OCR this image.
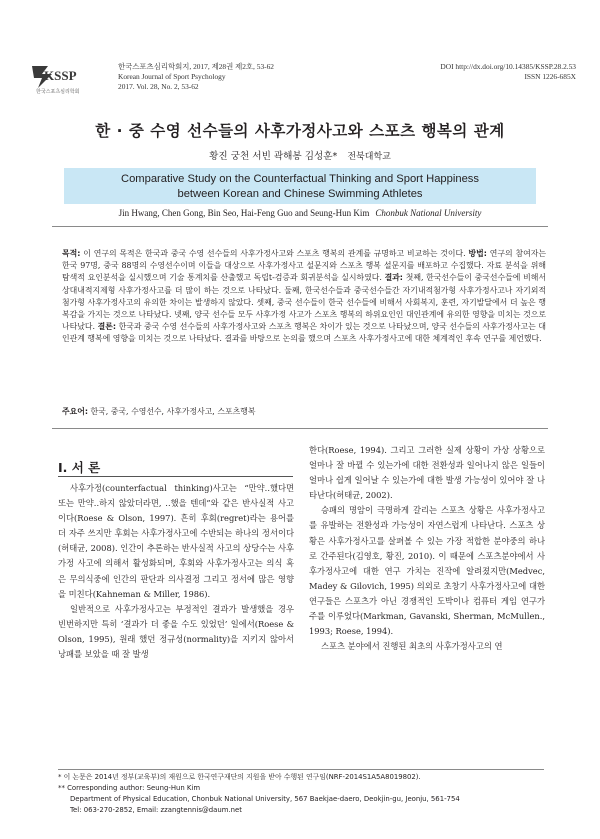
KSSP
한국스포츠심리학회
한국스포츠심리학회지, 2017, 제28권 제2호, 53-62
Korean Journal of Sport Psychology
2017. Vol. 28, No. 2, 53-62
DOI http://dx.doi.org/10.14385/KSSP.28.2.53
ISSN 1226-685X
한 · 중 수영 선수들의 사후가정사고와 스포츠 행복의 관계
황진 궁천 서빈 곽해봉 김성훈* 전북대학교
Comparative Study on the Counterfactual Thinking and Sport Happiness
between Korean and Chinese Swimming Athletes
Jin Hwang, Chen Gong, Bin Seo, Hai-Feng Guo and Seung-Hun Kim Chonbuk National University
목적: 이 연구의 목적은 한국과 중국 수영 선수들의 사후가정사고와 스포츠 행복의 관계를 규명하고 비교하는 것이다. 방법: 연구의 참여자는 한국 97명, 중국 88명의 수영선수이며 이들을 대상으로 사후가정사고 설문지와 스포츠 행복 설문지를 배포하고 수집했다. 자료 분석을 위해 탐색적 요인분석을 실시했으며 기술 통계치를 산출했고 독립t-검증과 회귀분석을 실시하였다. 결과: 첫째, 한국선수들이 중국선수들에 비해서 상대내적지제형 사후가정사고를 더 많이 하는 것으로 나타났다. 둘째, 한국선수들과 중국선수들간 자기내적첨가형 사후가정사고나 자기외적첨가형 사후가정사고의 유의한 차이는 발생하지 않았다. 셋째, 중국 선수들이 한국 선수들에 비해서 사회복지, 훈련, 자기발달에서 더 높은 행복감을 가지는 것으로 나타났다. 넷째, 양국 선수들 모두 사후가정 사고가 스포츠 행복의 하위요인인 대인관계에 유의한 영향을 미치는 것으로 나타났다. 결론: 한국과 중국 수영 선수들의 사후가정사고와 스포츠 행복은 차이가 있는 것으로 나타났으며, 양국 선수들의 사후가정사고는 대인관계 행복에 영향을 미치는 것으로 나타났다. 결과를 바탕으로 논의를 했으며 스포츠 사후가정사고에 대한 체계적인 후속 연구를 제언했다.
주요어: 한국, 중국, 수영선수, 사후가정사고, 스포츠행복
I. 서 론

사후가정(counterfactual thinking)사고는 “만약..했다면 또는 만약..하지 않았더라면, ..했을 텐데”와 같은 반사실적 사고이다(Roese & Olson, 1997). 흔히 후회(regret)라는 용어를 더 자주 쓰지만 후회는 사후가정사고에 수반되는 하나의 정서이다(허태균, 2008). 인간이 추론하는 반사실적 사고의 상당수는 사후가정 사고에 의해서 활성화되며, 후회와 사후가정사고는 의식 혹은 무의식중에 인간의 판단과 의사결정 그리고 정서에 많은 영향을 미친다(Kahneman & Miller, 1986).

일반적으로 사후가정사고는 부정적인 결과가 발생했을 경우 빈번하지만 특히 ‘결과가 더 좋을 수도 있었던’ 일에서(Roese & Olson, 1995), 원래 했던 정규성(normality)을 지키지 않아서 낭패를 보았을 때 잘 발생

한다(Roese, 1994). 그리고 그러한 실제 상황이 가상 상황으로 얼마나 잘 바뀔 수 있는가에 대한 전환성과 일어나지 않은 일들이 얼마나 쉽게 일어날 수 있는가에 대한 발생 가능성이 있어야 잘 나타난다(허태균, 2002).

승패의 명암이 극명하게 갈리는 스포츠 상황은 사후가정사고를 유발하는 전환성과 가능성이 자연스럽게 나타난다. 스포츠 상황은 사후가정사고를 살펴볼 수 있는 가장 적합한 분야중의 하나로 간주된다(김영호, 황진, 2010). 이 때문에 스포츠분야에서 사후가정사고에 대한 연구 가치는 진작에 알려졌지만(Medvec, Madey & Gilovich, 1995) 의외로 초창기 사후가정사고에 대한 연구들은 스포츠가 아닌 경쟁적인 도박이나 컴퓨터 게임 연구가 주를 이루었다(Markman, Gavanski, Sherman, McMullen., 1993; Roese, 1994).

스포츠 분야에서 진행된 최초의 사후가정사고의 연

* 이 논문은 2014년 정부(교육부)의 재원으로 한국연구재단의 지원을 받아 수행된 연구임(NRF-2014S1A5A8019802).
** Corresponding author: Seung-Hun Kim
Department of Physical Education, Chonbuk National University, 567 Baekjae-daero, Deokjin-gu, Jeonju, 561-754
Tel: 063-270-2852, Email: zzangtennis@daum.net
